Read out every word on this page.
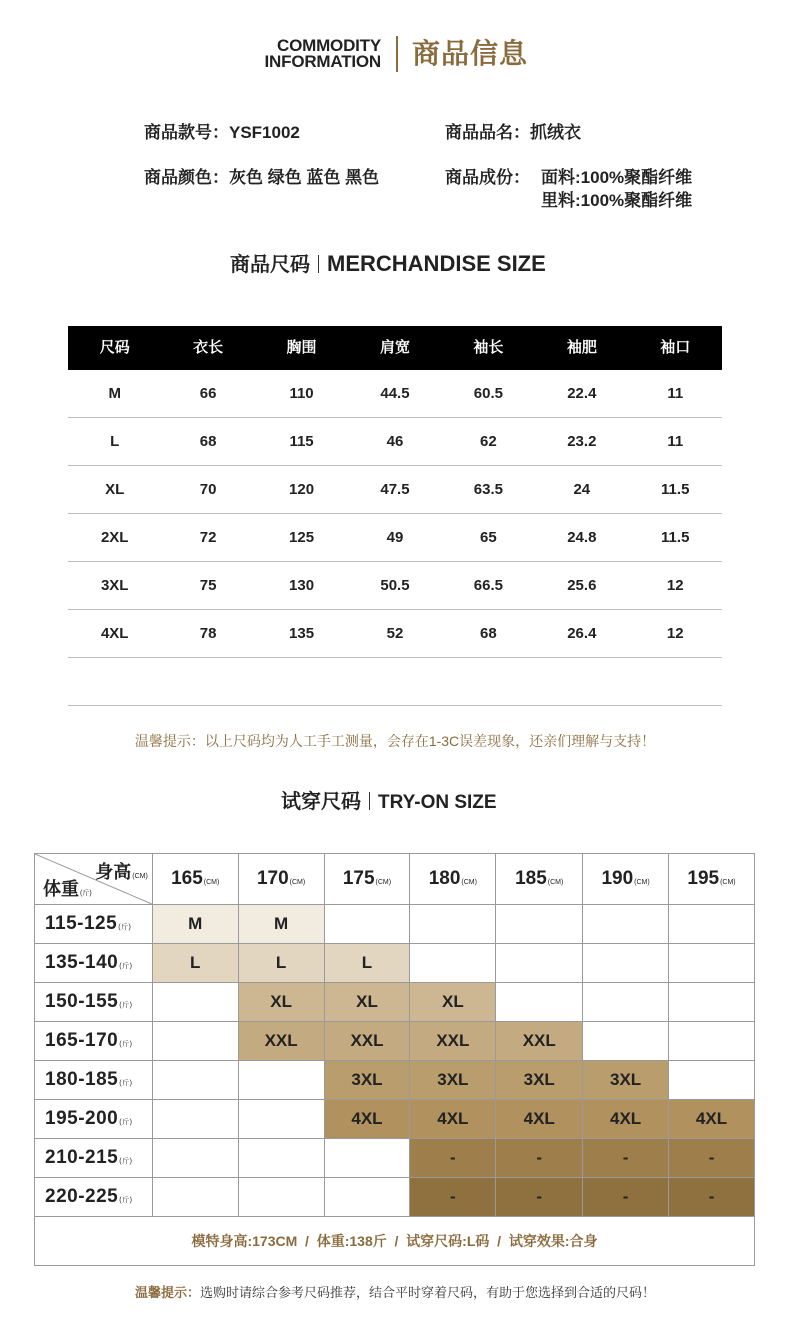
COMMODITY
INFORMATION 商品信息
商品款号：YSF1002	商品品名：抓绒衣
商品颜色：灰色 绿色 蓝色 黑色	商品成份： 面料:100%聚酯纤维
里料:100%聚酯纤维
商品尺码 MERCHANDISE SIZE
尺码	衣长	胸围	肩宽	袖长	袖肥	袖口
M	66	110	44.5	60.5	22.4	11
L	68	115	46	62	23.2	11
XL	70	120	47.5	63.5	24	11.5
2XL	72	125	49	65	24.8	11.5
3XL	75	130	50.5	66.5	25.6	12
4XL	78	135	52	68	26.4	12
温馨提示：以上尺码均为人工手工测量，会存在1-3C误差现象，还亲们理解与支持！
试穿尺码 TRY-ON SIZE
身高(CM)
体重(斤)	165(CM)	170(CM)	175(CM)	180(CM)	185(CM)	190(CM)	195(CM)
115-125(斤)	M	M					
135-140(斤)	L	L	L				
150-155(斤)		XL	XL	XL			
165-170(斤)		XXL	XXL	XXL	XXL		
180-185(斤)			3XL	3XL	3XL	3XL	
195-200(斤)			4XL	4XL	4XL	4XL	4XL
210-215(斤)				-	-	-	-
220-225(斤)				-	-	-	-
模特身高:173CM  /  体重:138斤  /  试穿尺码:L码  /  试穿效果:合身							
温馨提示：选购时请综合参考尺码推荐，结合平时穿着尺码，有助于您选择到合适的尺码！
